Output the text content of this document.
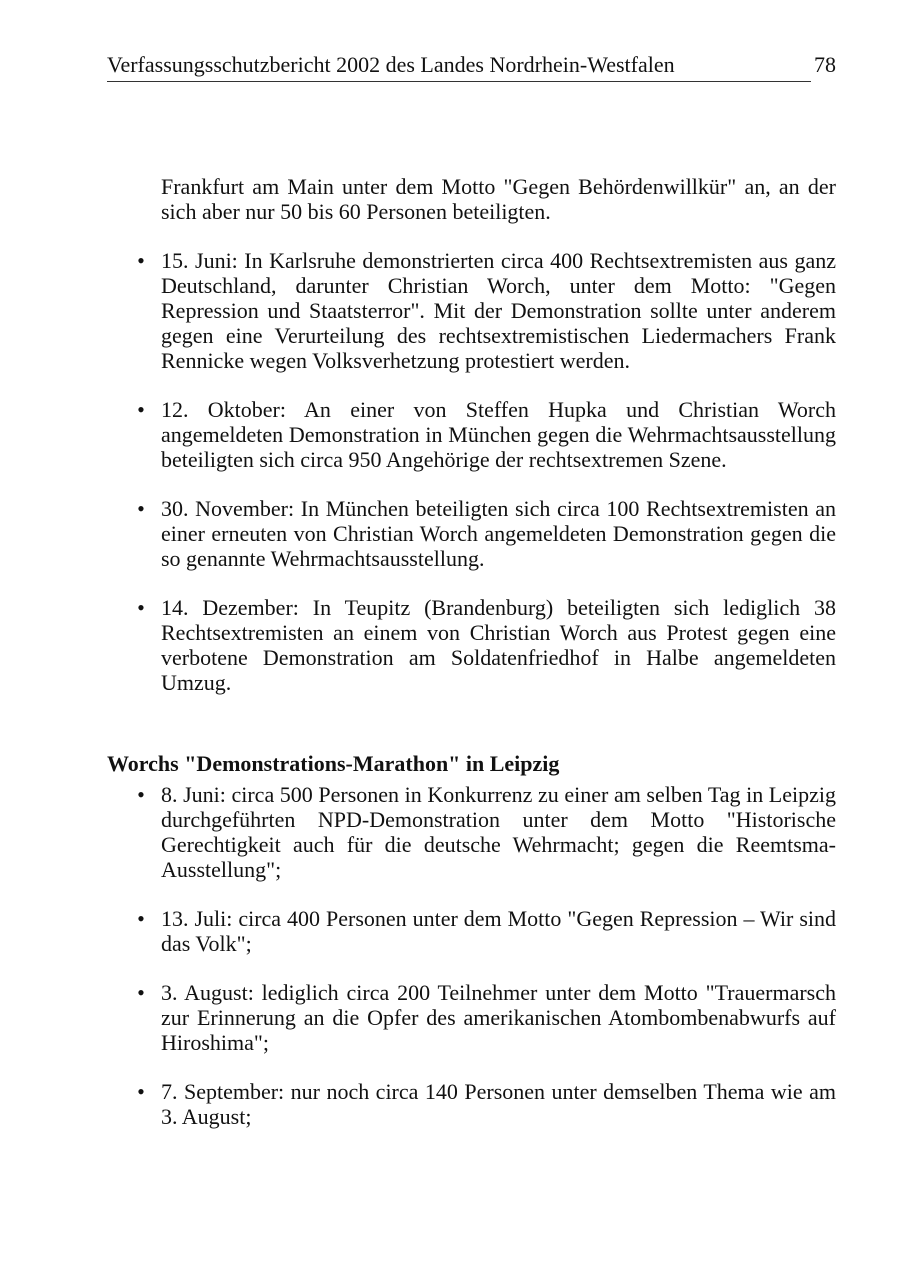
Verfassungsschutzbericht 2002 des Landes Nordrhein-Westfalen	78

Frankfurt am Main unter dem Motto "Gegen Behördenwillkür" an, an der sich aber nur 50 bis 60 Personen beteiligten.

• 15. Juni: In Karlsruhe demonstrierten circa 400 Rechtsextremisten aus ganz Deutschland, darunter Christian Worch, unter dem Motto: "Gegen Repression und Staatsterror". Mit der Demonstration sollte unter anderem gegen eine Verurteilung des rechtsextremistischen Liedermachers Frank Rennicke wegen Volksverhetzung protestiert werden.
• 12. Oktober: An einer von Steffen Hupka und Christian Worch angemeldeten Demonstration in München gegen die Wehrmachtsausstellung beteiligten sich circa 950 Angehörige der rechtsextremen Szene.
• 30. November: In München beteiligten sich circa 100 Rechtsextremisten an einer erneuten von Christian Worch angemeldeten Demonstration gegen die so genannte Wehrmachtsausstellung.
• 14. Dezember: In Teupitz (Brandenburg) beteiligten sich lediglich 38 Rechtsextremisten an einem von Christian Worch aus Protest gegen eine verbotene Demonstration am Soldatenfriedhof in Halbe angemeldeten Umzug.
Worchs "Demonstrations-Marathon" in Leipzig
• 8. Juni: circa 500 Personen in Konkurrenz zu einer am selben Tag in Leipzig durchgeführten NPD-Demonstration unter dem Motto "Historische Gerechtigkeit auch für die deutsche Wehrmacht; gegen die Reemtsma-Ausstellung";
• 13. Juli: circa 400 Personen unter dem Motto "Gegen Repression – Wir sind das Volk";
• 3. August: lediglich circa 200 Teilnehmer unter dem Motto "Trauermarsch zur Erinnerung an die Opfer des amerikanischen Atombombenabwurfs auf Hiroshima";
• 7. September: nur noch circa 140 Personen unter demselben Thema wie am 3. August;
